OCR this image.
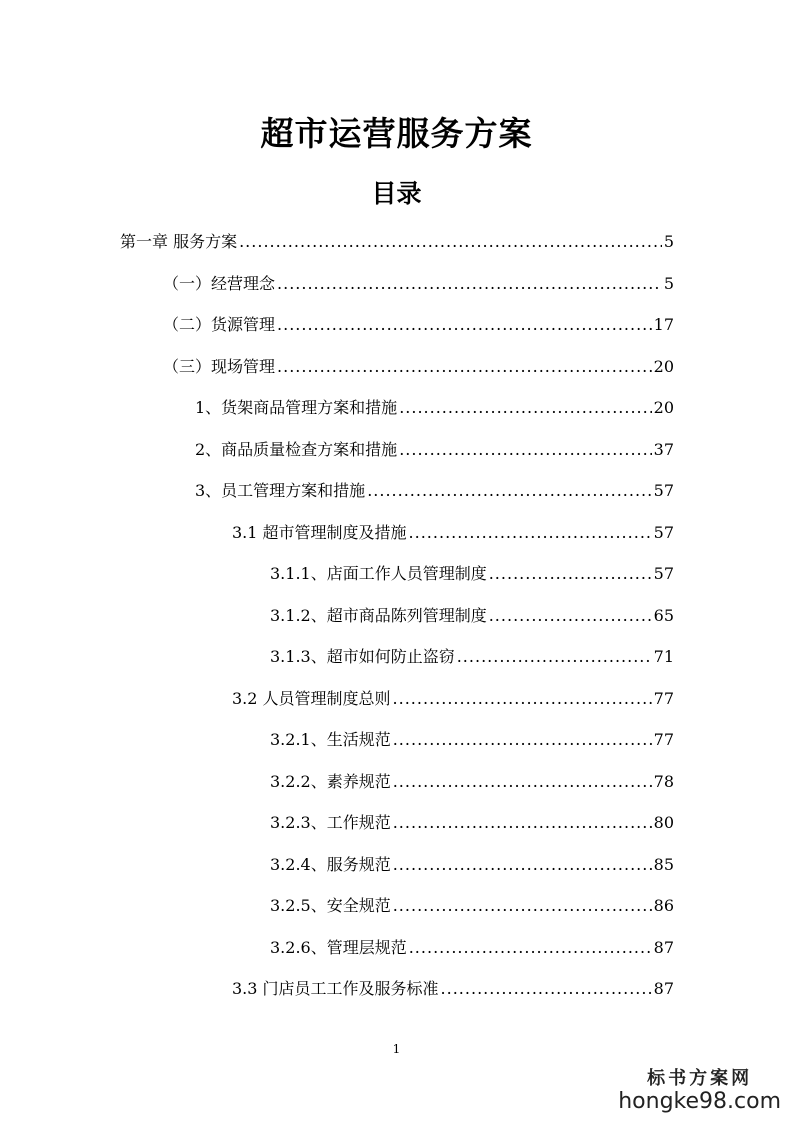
超市运营服务方案
目录
第一章 服务方案 .....	5
（一）经营理念 .....	5
（二）货源管理 .....	17
（三）现场管理 .....	20
1、货架商品管理方案和措施 .....	20
2、商品质量检查方案和措施 .....	37
3、员工管理方案和措施 .....	57
3.1 超市管理制度及措施 .....	57
3.1.1、店面工作人员管理制度 .....	57
3.1.2、超市商品陈列管理制度 .....	65
3.1.3、超市如何防止盗窃 .....	71
3.2 人员管理制度总则 .....	77
3.2.1、生活规范 .....	77
3.2.2、素养规范 .....	78
3.2.3、工作规范 .....	80
3.2.4、服务规范 .....	85
3.2.5、安全规范 .....	86
3.2.6、管理层规范 .....	87
3.3 门店员工工作及服务标准 .....	87
1
标书方案网
hongke98.com
